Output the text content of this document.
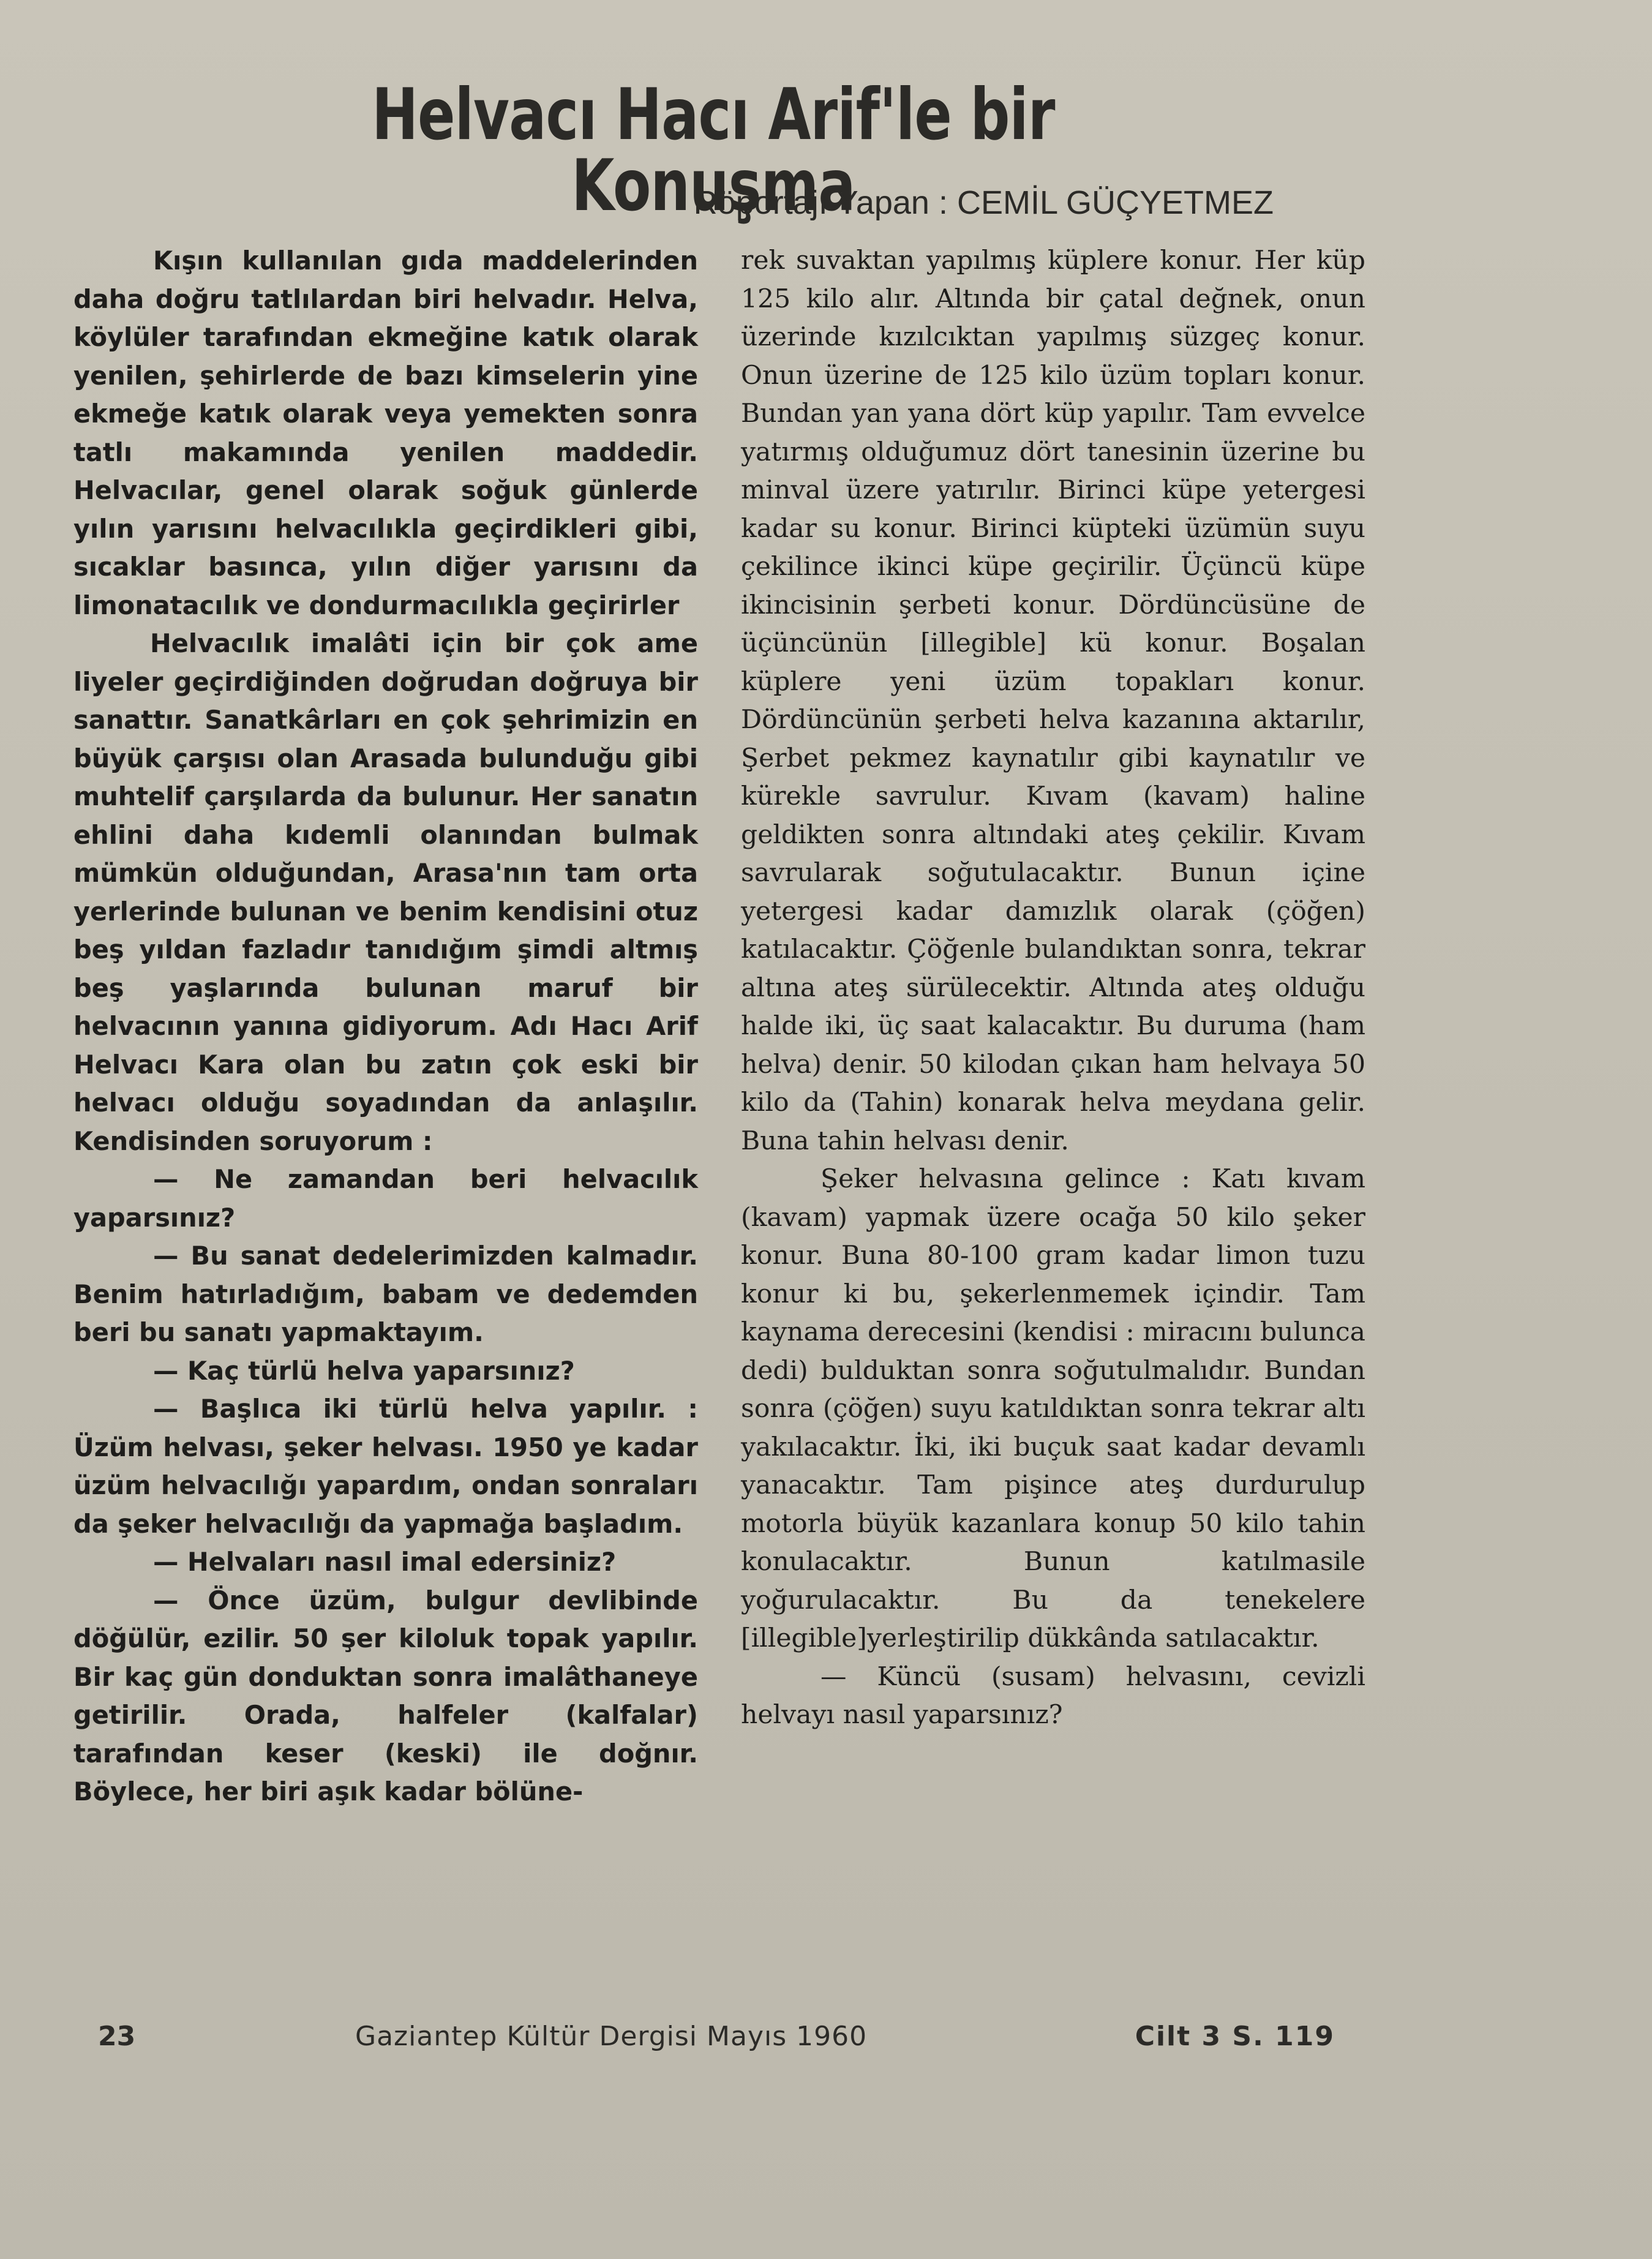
Helvacı Hacı Arif'le bir Konuşma

Röportajı Yapan : CEMİL GÜÇYETMEZ

Kışın kullanılan gıda maddelerinden daha doğru tatlılardan biri helvadır. Helva, köylüler tarafından ekmeğine katık olarak yenilen, şehirlerde de bazı kimselerin yine ekmeğe katık olarak veya yemekten sonra tatlı makamında yenilen maddedir. Helvacılar, genel olarak soğuk günlerde yılın yarısını helvacılıkla geçirdikleri gibi, sıcaklar basınca, yılın diğer yarısını da limonatacılık ve dondurmacılıkla geçirirler

Helvacılık imalâti için bir çok ame liyeler geçirdiğinden doğrudan doğruya bir sanattır. Sanatkârları en çok şehrimizin en büyük çarşısı olan Arasada bulunduğu gibi muhtelif çarşılarda da bulunur. Her sanatın ehlini daha kıdemli olanından bulmak mümkün olduğundan, Arasa'nın tam orta yerlerinde bulunan ve benim kendisini otuz beş yıldan fazladır tanıdığım şimdi altmış beş yaşlarında bulunan maruf bir helvacının yanına gidiyorum. Adı Hacı Arif Helvacı Kara olan bu zatın çok eski bir helvacı olduğu soyadından da anlaşılır. Kendisinden soruyorum :

— Ne zamandan beri helvacılık yaparsınız?

— Bu sanat dedelerimizden kalmadır. Benim hatırladığım, babam ve dedemden beri bu sanatı yapmaktayım.

— Kaç türlü helva yaparsınız?

— Başlıca iki türlü helva yapılır. : Üzüm helvası, şeker helvası. 1950 ye kadar üzüm helvacılığı yapardım, ondan sonraları da şeker helvacılığı da yapmağa başladım.

— Helvaları nasıl imal edersiniz?

— Önce üzüm, bulgur devlibinde döğülür, ezilir. 50 şer kiloluk topak yapılır. Bir kaç gün donduktan sonra imalâthaneye getirilir. Orada, halfeler (kalfalar) tarafından keser (keski) ile doğnır. Böylece, her biri aşık kadar bölüne-

rek suvaktan yapılmış küplere konur. Her küp 125 kilo alır. Altında bir çatal değnek, onun üzerinde kızılcıktan yapılmış süzgeç konur. Onun üzerine de 125 kilo üzüm topları konur. Bundan yan yana dört küp yapılır. Tam evvelce yatırmış olduğumuz dört tanesinin üzerine bu minval üzere yatırılır. Birinci küpe yetergesi kadar su konur. Birinci küpteki üzümün suyu çekilince ikinci küpe geçirilir. Üçüncü küpe ikincisinin şerbeti konur. Dördüncüsüne de üçüncünün [illegible] kü konur. Boşalan küplere yeni üzüm topakları konur. Dördüncünün şerbeti helva kazanına aktarılır, Şerbet pekmez kaynatılır gibi kaynatılır ve kürekle savrulur. Kıvam (kavam) haline geldikten sonra altındaki ateş çekilir. Kıvam savrularak soğutulacaktır. Bunun içine yetergesi kadar damızlık olarak (çöğen) katılacaktır. Çöğenle bulandıktan sonra, tekrar altına ateş sürülecektir. Altında ateş olduğu halde iki, üç saat kalacaktır. Bu duruma (ham helva) denir. 50 kilodan çıkan ham helvaya 50 kilo da (Tahin) konarak helva meydana gelir. Buna tahin helvası denir.

Şeker helvasına gelince : Katı kıvam (kavam) yapmak üzere ocağa 50 kilo şeker konur. Buna 80-100 gram kadar limon tuzu konur ki bu, şekerlenmemek içindir. Tam kaynama derecesini (kendisi : miracını bulunca dedi) bulduktan sonra soğutulmalıdır. Bundan sonra (çöğen) suyu katıldıktan sonra tekrar altı yakılacaktır. İki, iki buçuk saat kadar devamlı yanacaktır. Tam pişince ateş durdurulup motorla büyük kazanlara konup 50 kilo tahin konulacaktır. Bunun katılmasile yoğurulacaktır. Bu da tenekelere [illegible]yerleştirilip dükkânda satılacaktır.

— Küncü (susam) helvasını, cevizli helvayı nasıl yaparsınız?

23	Gaziantep Kültür Dergisi Mayıs 1960	Cilt 3 S. 119
